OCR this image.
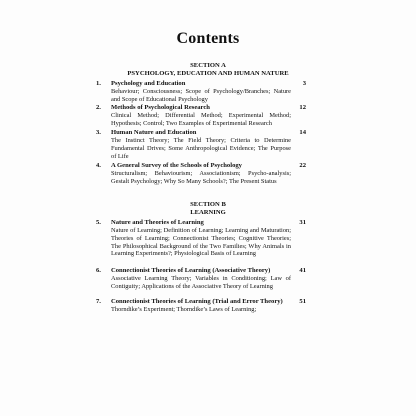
Contents
SECTION A
PSYCHOLOGY, EDUCATION AND HUMAN NATURE
1. Psychology and Education	3
Behaviour; Consciousness; Scope of Psychology/Branches; Nature and Scope of Educational Psychology
2. Methods of Psychological Research	12
Clinical Method; Differential Method; Experimental Method; Hypothesis; Control; Two Examples of Experimental Research
3. Human Nature and Education	14
The Instinct Theory; The Field Theory; Criteria to Determine Fundamental Drives; Some Anthropological Evidence; The Purpose of Life
4. A General Survey of the Schools of Psychology	22
Structuralism; Behaviourism; Associationism; Psycho-analysis; Gestalt Psychology; Why So Many Schools?; The Present Status
SECTION B
LEARNING
5. Nature and Theories of Learning	31
Nature of Learning; Definition of Learning; Learning and Maturation; Theories of Learning; Connectionist Theories; Cognitive Theories; The Philosophical Background of the Two Families; Why Animals in Learning Experiments?; Physiological Basis of Learning
6. Connectionist Theories of Learning (Associative Theory)	41
Associative Learning Theory; Variables in Conditioning; Law of Contiguity; Applications of the Associative Theory of Learning
7. Connectionist Theories of Learning (Trial and Error Theory)	51
Thorndike’s Experiment; Thorndike’s Laws of Learning;
